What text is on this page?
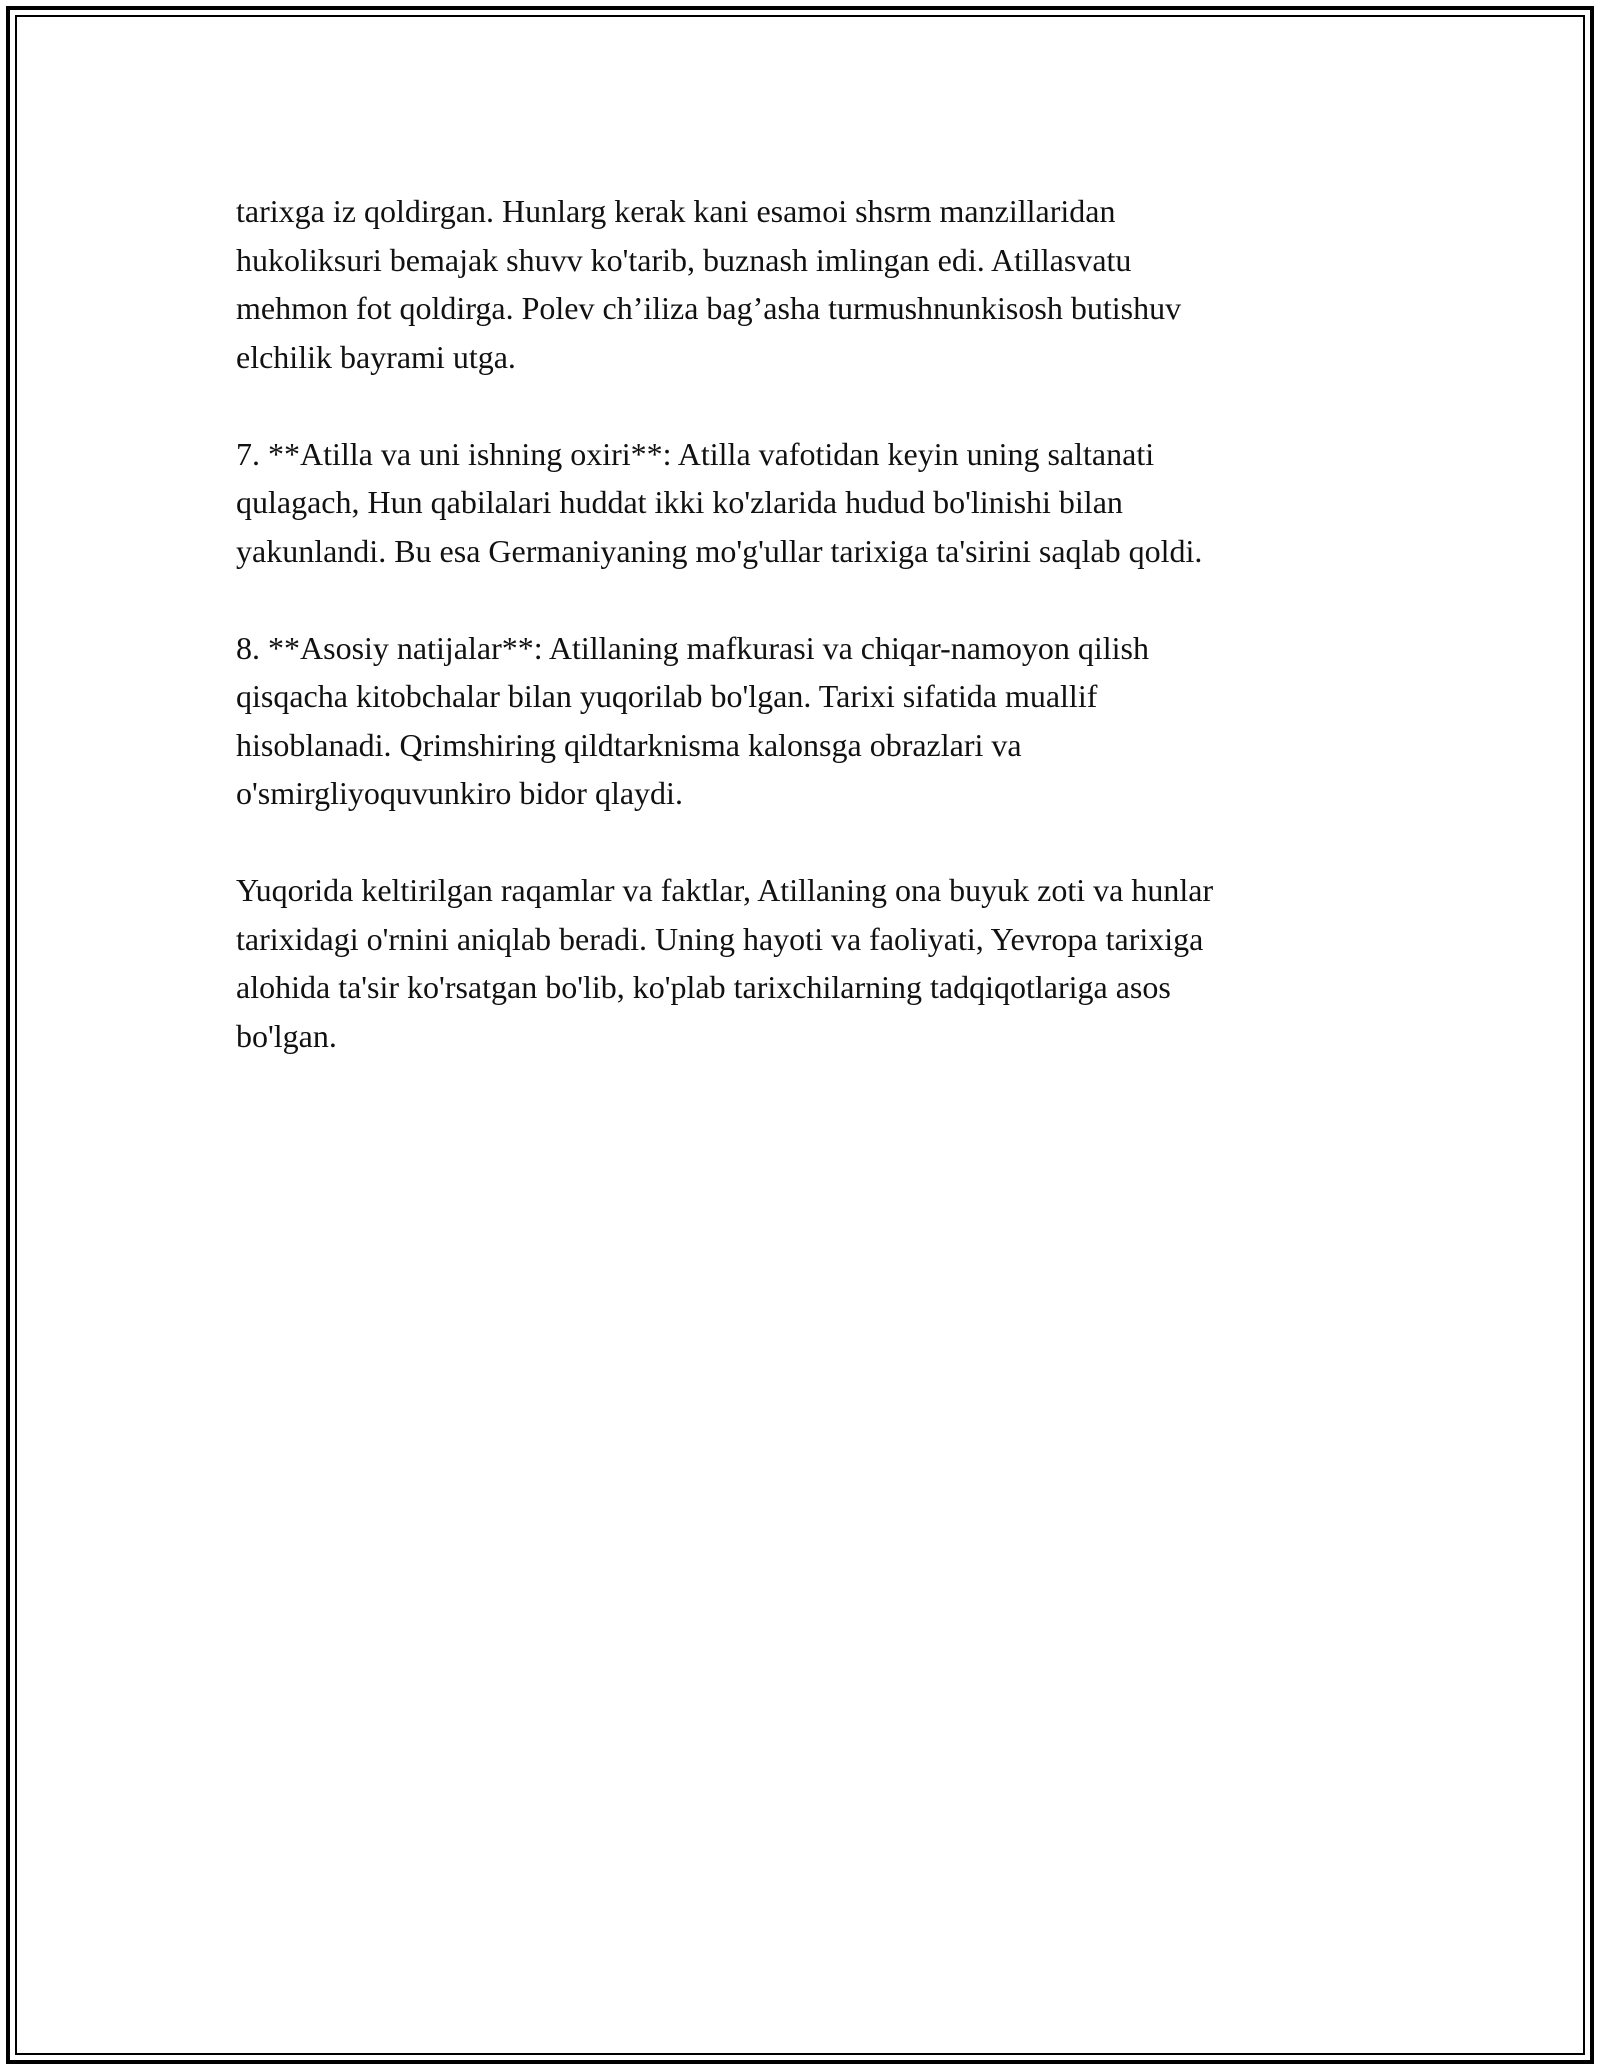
tarixga iz qoldirgan. Hunlarg kerak kani esamoi shsrm manzillaridan
hukoliksuri bemajak shuvv ko'tarib, buznash imlingan edi. Atillasvatu
mehmon fot qoldirga. Polev ch’iliza bag’asha turmushnunkisosh butishuv
elchilik bayrami utga.

7. **Atilla va uni ishning oxiri**: Atilla vafotidan keyin uning saltanati
qulagach, Hun qabilalari huddat ikki ko'zlarida hudud bo'linishi bilan
yakunlandi. Bu esa Germaniyaning mo'g'ullar tarixiga ta'sirini saqlab qoldi.

8. **Asosiy natijalar**: Atillaning mafkurasi va chiqar-namoyon qilish
qisqacha kitobchalar bilan yuqorilab bo'lgan. Tarixi sifatida muallif
hisoblanadi. Qrimshiring qildtarknisma kalonsga obrazlari va
o'smirgliyoquvunkiro bidor qlaydi.

Yuqorida keltirilgan raqamlar va faktlar, Atillaning ona buyuk zoti va hunlar
tarixidagi o'rnini aniqlab beradi. Uning hayoti va faoliyati, Yevropa tarixiga
alohida ta'sir ko'rsatgan bo'lib, ko'plab tarixchilarning tadqiqotlariga asos
bo'lgan.
